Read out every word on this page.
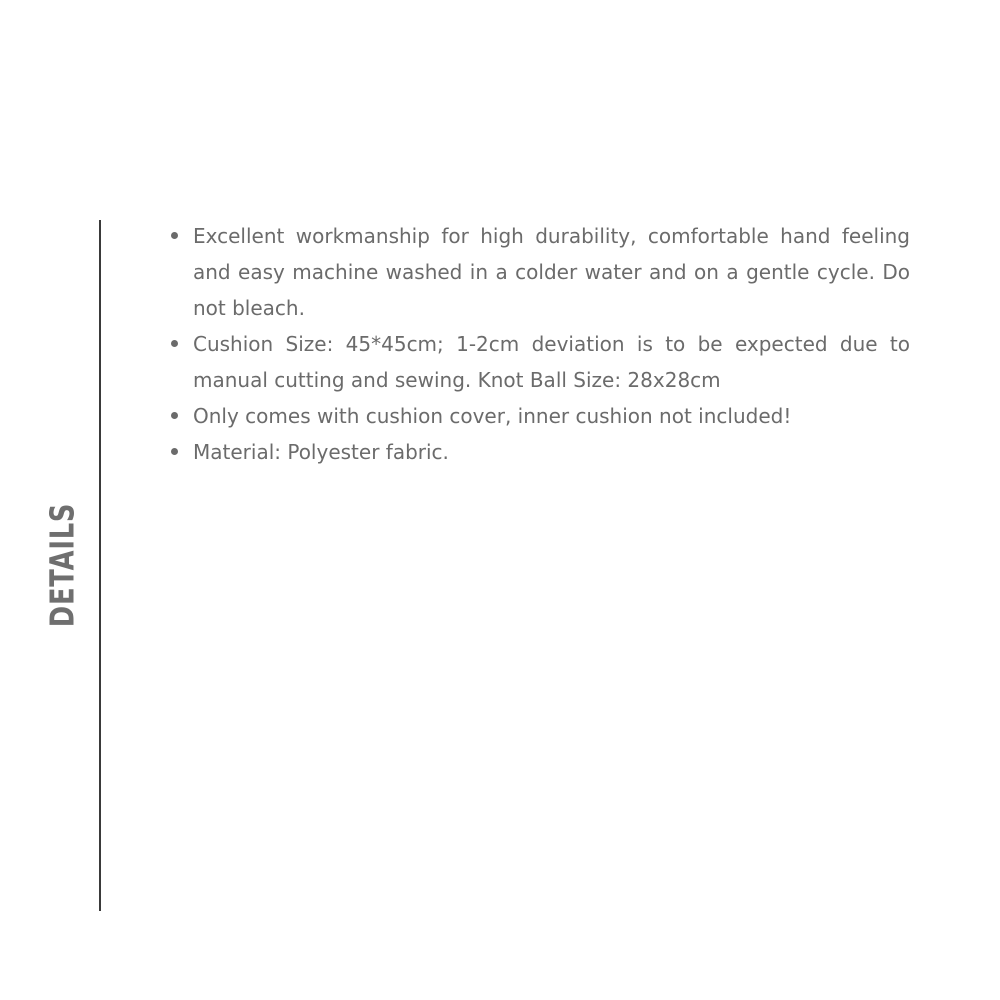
DETAILS
Excellent workmanship for high durability, comfortable hand feeling and easy machine washed in a colder water and on a gentle cycle. Do not bleach.
Cushion Size: 45*45cm; 1-2cm deviation is to be expected due to manual cutting and sewing. Knot Ball Size: 28x28cm
Only comes with cushion cover, inner cushion not included!
Material: Polyester fabric.
